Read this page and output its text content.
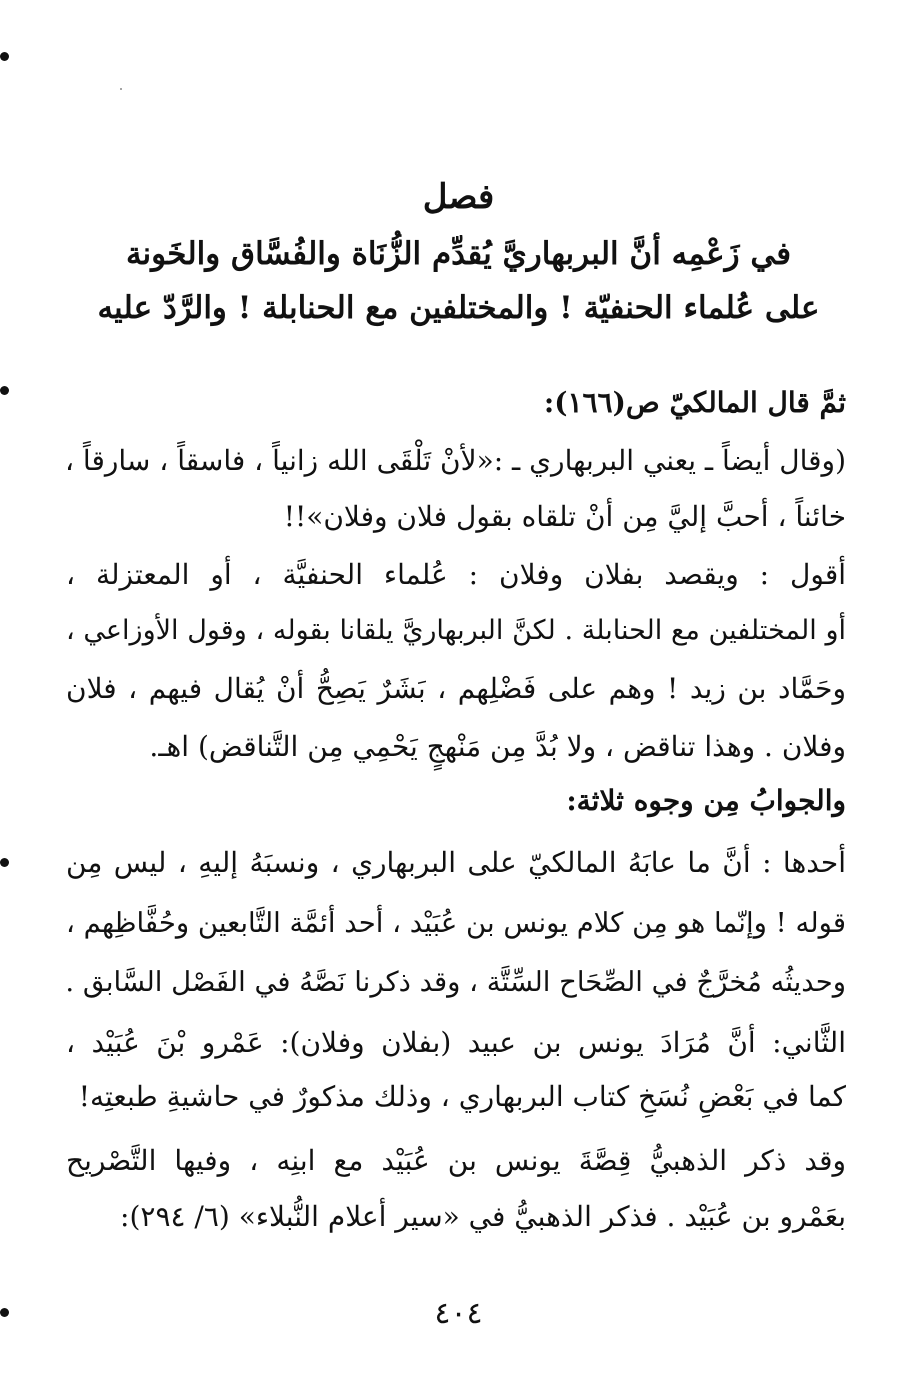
فصل
في زَعْمِه أنَّ البربهاريَّ يُقدِّم الزُّنَاة والفُسَّاق والخَونة
على عُلماء الحنفيّة ! والمختلفين مع الحنابلة ! والرَّدّ عليه
ثمَّ قال المالكيّ ص(١٦٦):
(وقال أيضاً ـ يعني البربهاري ـ :«لأنْ تَلْقَى الله زانياً ، فاسقاً ، سارقاً ،
خائناً ، أحبَّ إليَّ مِن أنْ تلقاه بقول فلان وفلان»!!
أقول : ويقصد بفلان وفلان : عُلماء الحنفيَّة ، أو المعتزلة ،
أو المختلفين مع الحنابلة . لكنَّ البربهاريَّ يلقانا بقوله ، وقول الأوزاعي ،
وحَمَّاد بن زيد ! وهم على فَضْلِهم ، بَشَرٌ يَصِحُّ أنْ يُقال فيهم ، فلان
وفلان . وهذا تناقض ، ولا بُدَّ مِن مَنْهجٍ يَحْمِي مِن التَّناقض) اهـ.
والجوابُ مِن وجوه ثلاثة:
أحدها : أنَّ ما عابَهُ المالكيّ على البربهاري ، ونسبَهُ إليهِ ، ليس مِن
قوله ! وإنّما هو مِن كلام يونس بن عُبَيْد ، أحد أئمَّة التَّابعين وحُفَّاظِهم ،
وحديثُه مُخرَّجٌ في الصِّحَاح السِّتَّة ، وقد ذكرنا نَصَّهُ في الفَصْل السَّابق .
الثَّاني: أنَّ مُرَادَ يونس بن عبيد (بفلان وفلان): عَمْرو بْنَ عُبَيْد ،
كما في بَعْضِ نُسَخِ كتاب البربهاري ، وذلك مذكورٌ في حاشيةِ طبعتِه!
وقد ذكر الذهبيُّ قِصَّةَ يونس بن عُبَيْد مع ابنِه ، وفيها التَّصْريح
بعَمْرو بن عُبَيْد . فذكر الذهبيُّ في «سير أعلام النُّبلاء» (٦/ ٢٩٤):
٤٠٤
